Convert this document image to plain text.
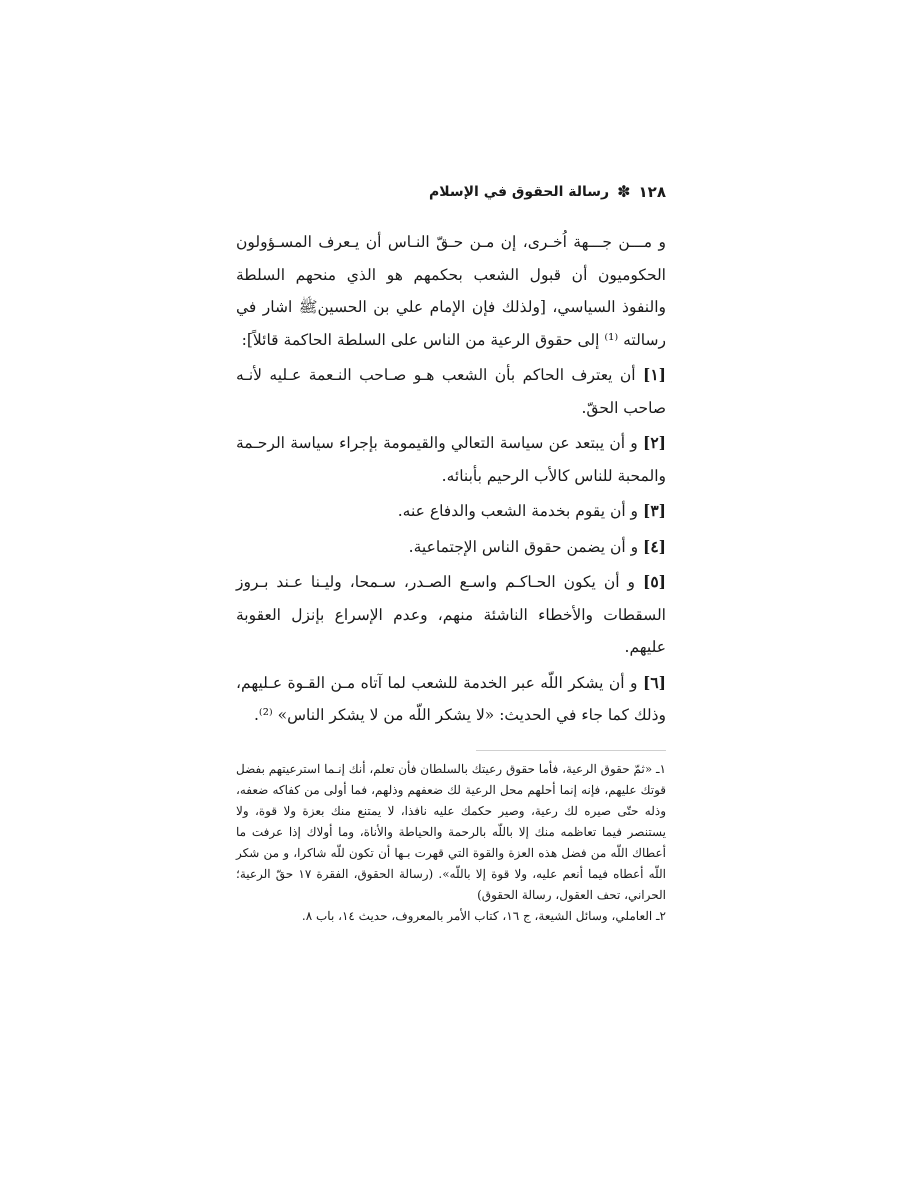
١٢٨
✽
رسالة الحقوق في الإسلام

و مـــن جـــهة اُخـرى، إن مـن حـقّ النـاس أن يـعرف المسـؤولون الحكوميون أن قبول الشعب بحكمهم هو الذي منحهم السلطة والنفوذ السياسي، [ولذلك فإن الإمام علي بن الحسينﷺ اشار في رسالته ⁽¹⁾ إلى حقوق الرعية من الناس على السلطة الحاكمة قائلاً]:

[١] أن يعترف الحاكم بأن الشعب هـو صـاحب النـعمة عـليه لأنـه صاحب الحقّ.

[٢] و أن يبتعد عن سياسة التعالي والقيمومة بإجراء سياسة الرحـمة والمحبة للناس كالأب الرحيم بأبنائه.

[٣] و أن يقوم بخدمة الشعب والدفاع عنه.

[٤] و أن يضمن حقوق الناس الإجتماعية.

[٥] و أن يكون الحـاكـم واسـع الصـدر، سـمحا، وليـنا عـند بـروز السقطات والأخطاء الناشئة منهم، وعدم الإسراع بإنزل العقوبة عليهم.

[٦] و أن يشكر اللّه عبر الخدمة للشعب لما آتاه مـن القـوة عـليهم، وذلك كما جاء في الحديث: «لا يشكر اللّه من لا يشكر الناس» ⁽²⁾.

١ـ «ثمّ حقوق الرعية، فأما حقوق رعيتك بالسلطان فأن تعلم، أنك إنـما استرعيتهم بفضل قوتك عليهم، فإنه إنما أحلهم محل الرعية لك ضعفهم وذلهم، فما أولى من كفاكه ضعفه، وذله حتّى صيره لك رعية، وصير حكمك عليه نافذا، لا يمتنع منك بعزة ولا قوة، ولا يستنصر فيما تعاظمه منك إلا باللّه بالرحمة والحياطة والأناة، وما أولاك إذا عرفت ما أعطاك اللّه من فضل هذه العزة والقوة التي قهرت بـها أن تكون للّه شاكرا، و من شكر اللّه أعطاه فيما أنعم عليه، ولا قوة إلا باللّه». (رسالة الحقوق، الفقرة ١٧ حقّ الرعية؛ الحراني، تحف العقول، رسالة الحقوق)

٢ـ العاملي، وسائل الشيعة، ج ١٦، كتاب الأمر بالمعروف، حديث ١٤، باب ٨.
